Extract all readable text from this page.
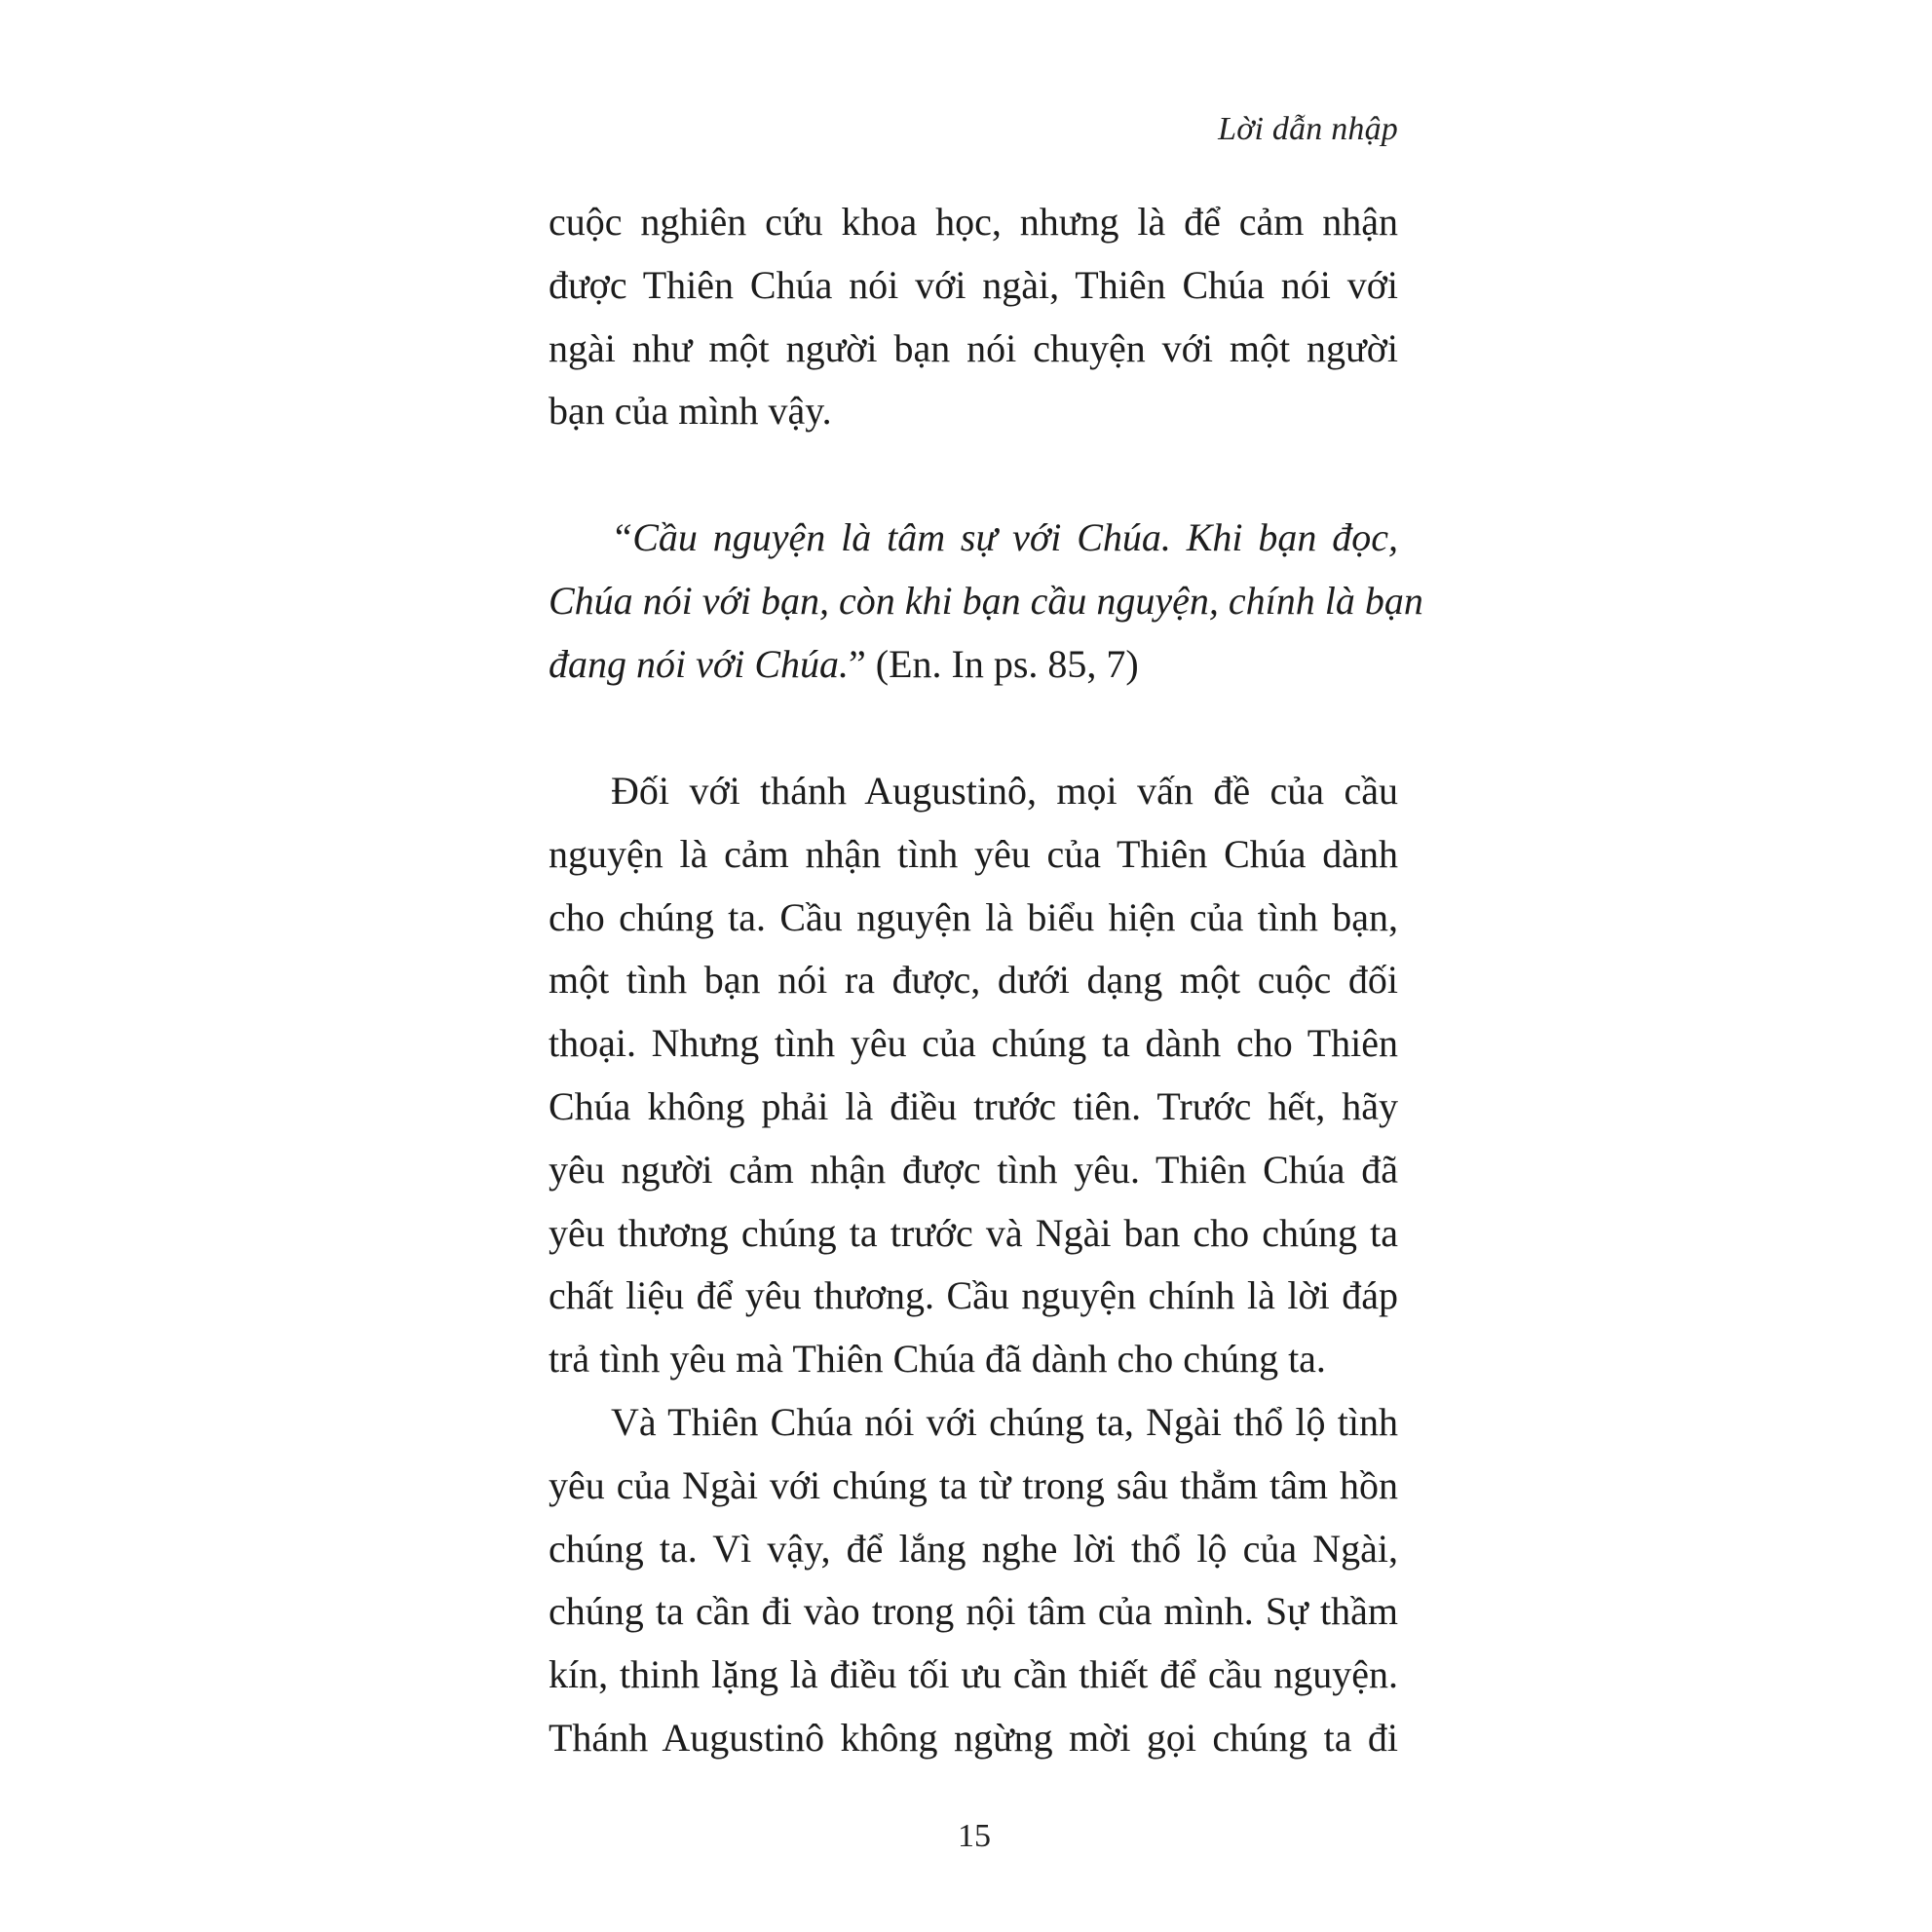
Lời dẫn nhập
cuộc nghiên cứu khoa học, nhưng là để cảm nhận
được Thiên Chúa nói với ngài, Thiên Chúa nói với
ngài như một người bạn nói chuyện với một người
bạn của mình vậy.
“Cầu nguyện là tâm sự với Chúa. Khi bạn đọc,
Chúa nói với bạn, còn khi bạn cầu nguyện, chính là bạn
đang nói với Chúa.” (En. In ps. 85, 7)
Đối với thánh Augustinô, mọi vấn đề của cầu
nguyện là cảm nhận tình yêu của Thiên Chúa dành
cho chúng ta. Cầu nguyện là biểu hiện của tình bạn,
một tình bạn nói ra được, dưới dạng một cuộc đối
thoại. Nhưng tình yêu của chúng ta dành cho Thiên
Chúa không phải là điều trước tiên. Trước hết, hãy
yêu người cảm nhận được tình yêu. Thiên Chúa đã
yêu thương chúng ta trước và Ngài ban cho chúng ta
chất liệu để yêu thương. Cầu nguyện chính là lời đáp
trả tình yêu mà Thiên Chúa đã dành cho chúng ta.
Và Thiên Chúa nói với chúng ta, Ngài thổ lộ tình
yêu của Ngài với chúng ta từ trong sâu thẳm tâm hồn
chúng ta. Vì vậy, để lắng nghe lời thổ lộ của Ngài,
chúng ta cần đi vào trong nội tâm của mình. Sự thầm
kín, thinh lặng là điều tối ưu cần thiết để cầu nguyện.
Thánh Augustinô không ngừng mời gọi chúng ta đi
15
